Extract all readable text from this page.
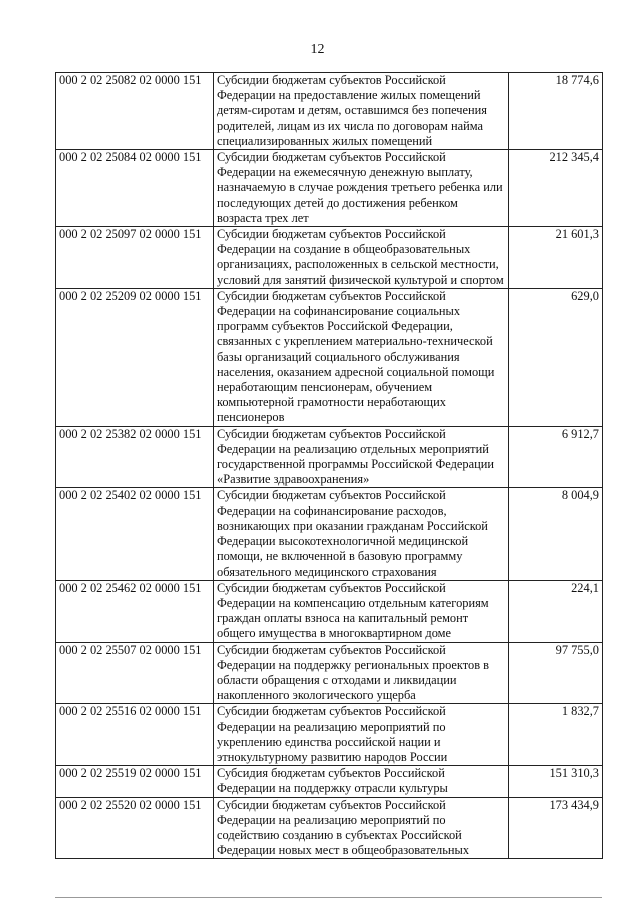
12
000 2 02 25082 02 0000 151	Субсидии бюджетам субъектов Российской Федерации на предоставление жилых помещений детям-сиротам и детям, оставшимся без попечения родителей, лицам из их числа по договорам найма специализированных жилых помещений	18 774,6
000 2 02 25084 02 0000 151	Субсидии бюджетам субъектов Российской Федерации на ежемесячную денежную выплату, назначаемую в случае рождения третьего ребенка или последующих детей до достижения ребенком возраста трех лет	212 345,4
000 2 02 25097 02 0000 151	Субсидии бюджетам субъектов Российской Федерации на создание в общеобразовательных организациях, расположенных в сельской местности, условий для занятий физической культурой и спортом	21 601,3
000 2 02 25209 02 0000 151	Субсидии бюджетам субъектов Российской Федерации на софинансирование социальных программ субъектов Российской Федерации, связанных с укреплением материально-технической базы организаций социального обслуживания населения, оказанием адресной социальной помощи неработающим пенсионерам, обучением компьютерной грамотности неработающих пенсионеров	629,0
000 2 02 25382 02 0000 151	Субсидии бюджетам субъектов Российской Федерации на реализацию отдельных мероприятий государственной программы Российской Федерации «Развитие здравоохранения»	6 912,7
000 2 02 25402 02 0000 151	Субсидии бюджетам субъектов Российской Федерации на софинансирование расходов, возникающих при оказании гражданам Российской Федерации высокотехнологичной медицинской помощи, не включенной в базовую программу обязательного медицинского страхования	8 004,9
000 2 02 25462 02 0000 151	Субсидии бюджетам субъектов Российской Федерации на компенсацию отдельным категориям граждан оплаты взноса на капитальный ремонт общего имущества в многоквартирном доме	224,1
000 2 02 25507 02 0000 151	Субсидии бюджетам субъектов Российской Федерации на поддержку региональных проектов в области обращения с отходами и ликвидации накопленного экологического ущерба	97 755,0
000 2 02 25516 02 0000 151	Субсидии бюджетам субъектов Российской Федерации на реализацию мероприятий по укреплению единства российской нации и этнокультурному развитию народов России	1 832,7
000 2 02 25519 02 0000 151	Субсидия бюджетам субъектов Российской Федерации на поддержку отрасли культуры	151 310,3
000 2 02 25520 02 0000 151	Субсидии бюджетам субъектов Российской Федерации на реализацию мероприятий по содействию созданию в субъектах Российской Федерации новых мест в общеобразовательных	173 434,9
